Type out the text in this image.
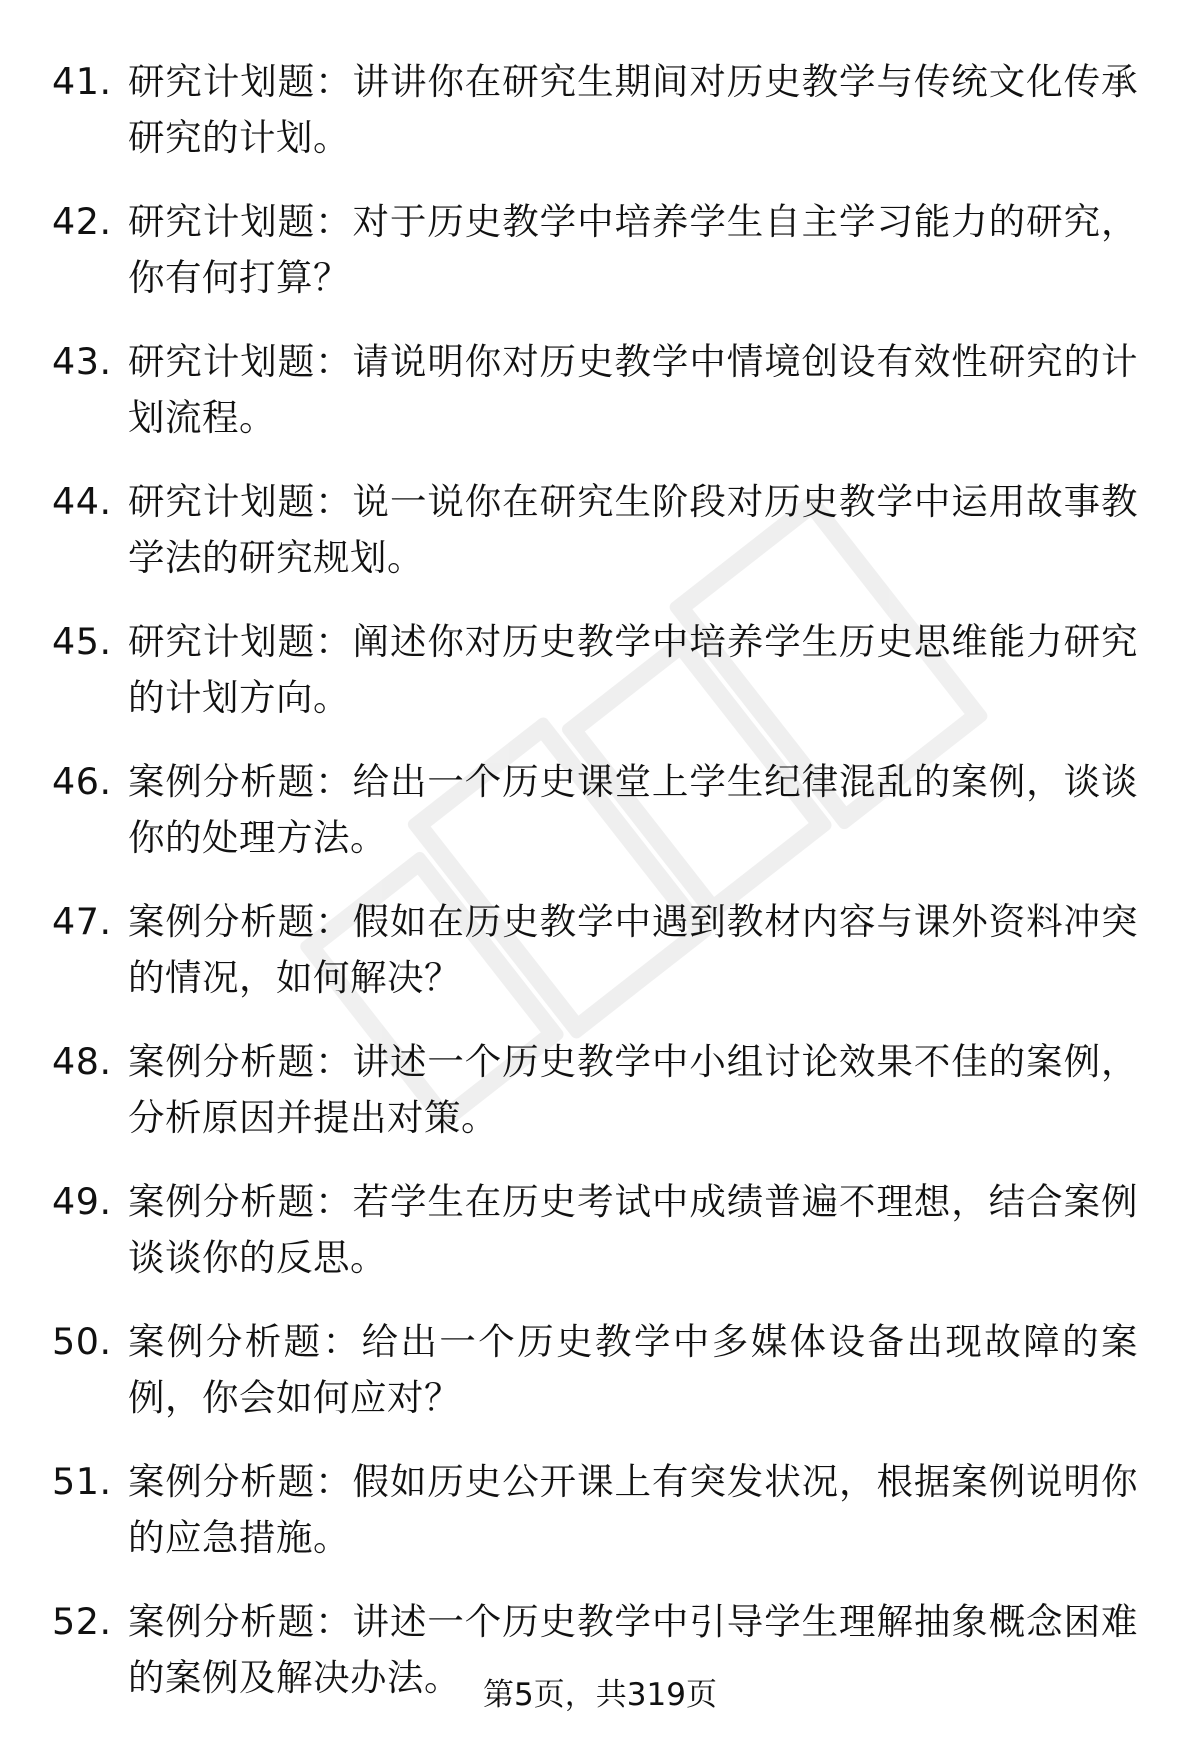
41. 研究计划题：讲讲你在研究生期间对历史教学与传统文化传承研究的计划。
42. 研究计划题：对于历史教学中培养学生自主学习能力的研究，你有何打算？
43. 研究计划题：请说明你对历史教学中情境创设有效性研究的计划流程。
44. 研究计划题：说一说你在研究生阶段对历史教学中运用故事教学法的研究规划。
45. 研究计划题：阐述你对历史教学中培养学生历史思维能力研究的计划方向。
46. 案例分析题：给出一个历史课堂上学生纪律混乱的案例，谈谈你的处理方法。
47. 案例分析题：假如在历史教学中遇到教材内容与课外资料冲突的情况，如何解决？
48. 案例分析题：讲述一个历史教学中小组讨论效果不佳的案例，分析原因并提出对策。
49. 案例分析题：若学生在历史考试中成绩普遍不理想，结合案例谈谈你的反思。
50. 案例分析题：给出一个历史教学中多媒体设备出现故障的案例，你会如何应对？
51. 案例分析题：假如历史公开课上有突发状况，根据案例说明你的应急措施。
52. 案例分析题：讲述一个历史教学中引导学生理解抽象概念困难的案例及解决办法。 第5页，共319页
